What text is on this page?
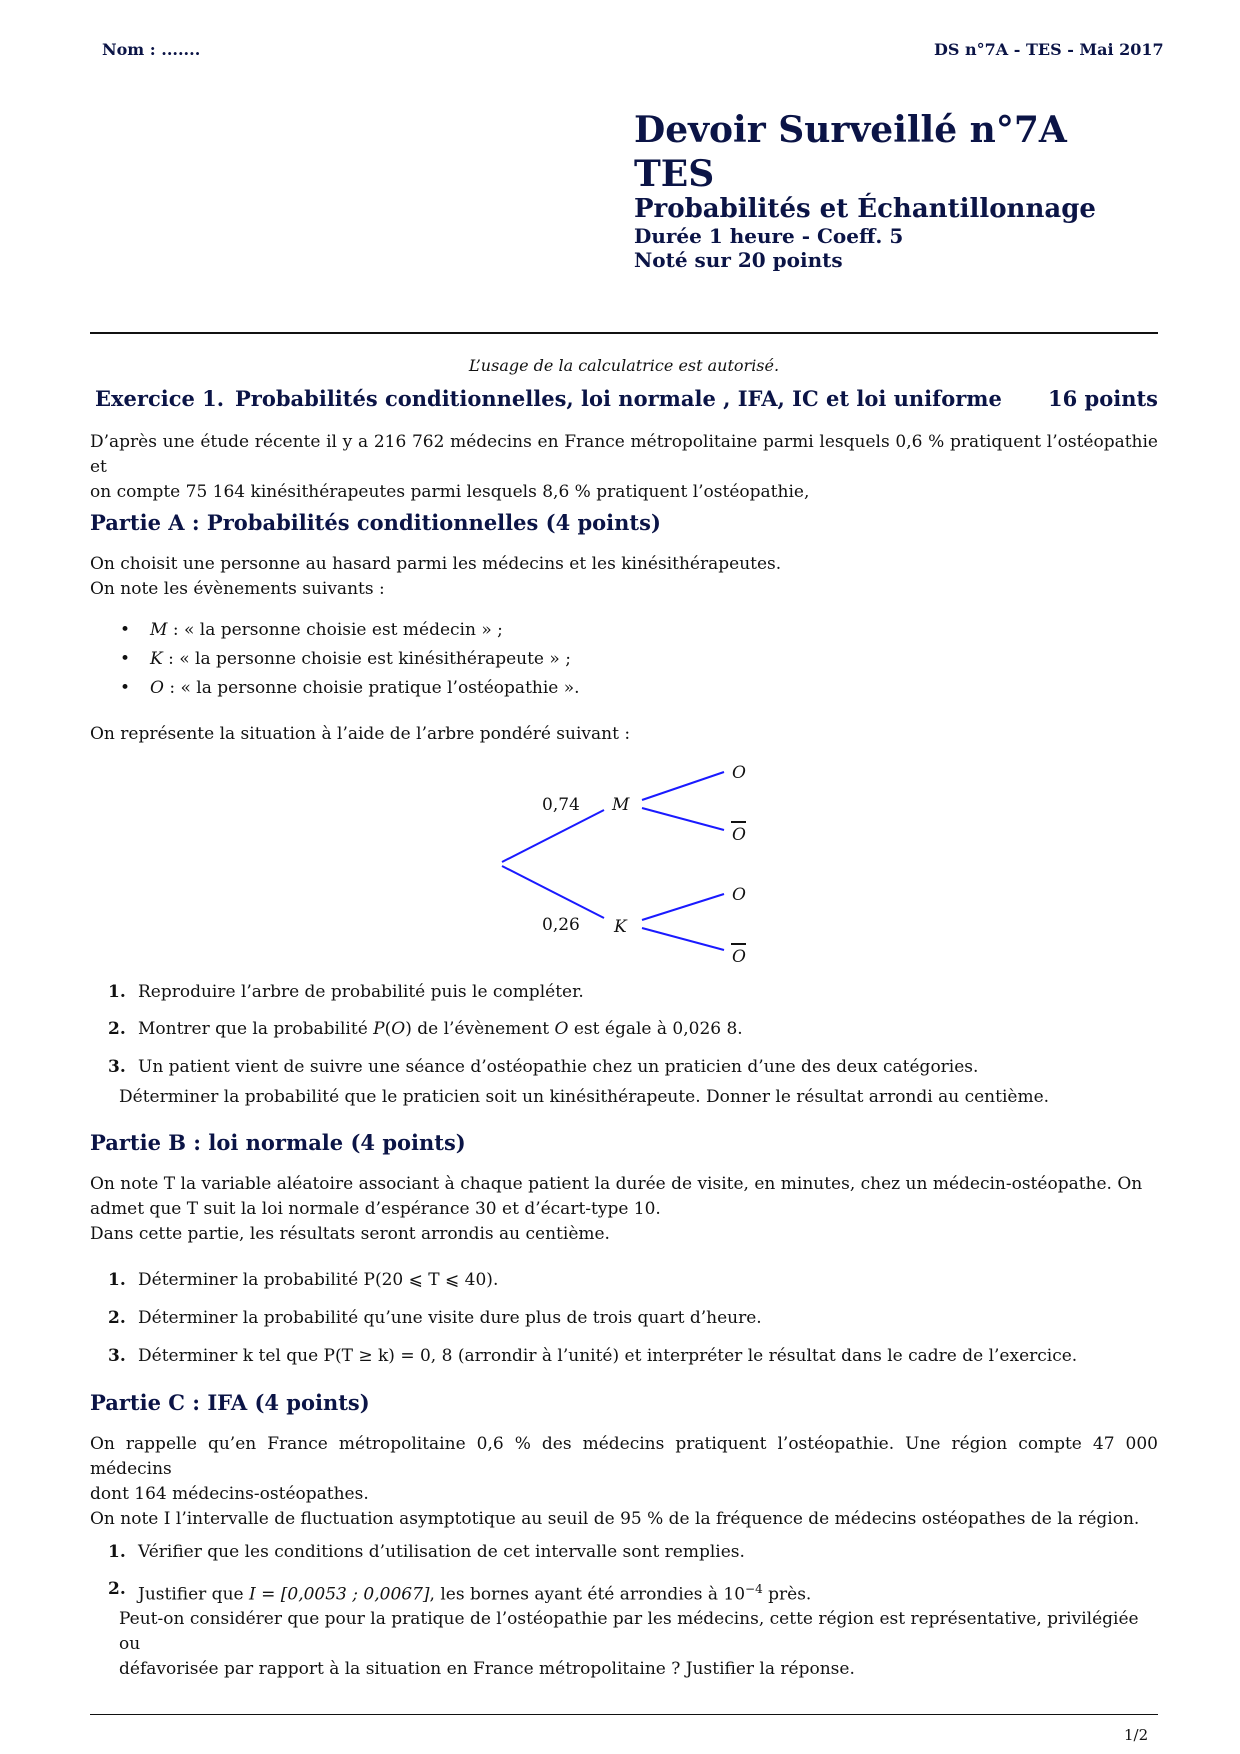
Nom : .......	DS n°7A - TES - Mai 2017
Devoir Surveillé n°7A
TES
Probabilités et Échantillonnage
Durée 1 heure - Coeff. 5
Noté sur 20 points
L’usage de la calculatrice est autorisé.
Exercice 1. Probabilités conditionnelles, loi normale , IFA, IC et loi uniforme	16 points
D’après une étude récente il y a 216 762 médecins en France métropolitaine parmi lesquels 0,6 % pratiquent l’ostéopathie et
on compte 75 164 kinésithérapeutes parmi lesquels 8,6 % pratiquent l’ostéopathie,
Partie A : Probabilités conditionnelles (4 points)
On choisit une personne au hasard parmi les médecins et les kinésithérapeutes.
On note les évènements suivants :
• M : « la personne choisie est médecin » ;
• K : « la personne choisie est kinésithérapeute » ;
• O : « la personne choisie pratique l’ostéopathie ».
On représente la situation à l’aide de l’arbre pondéré suivant :
0,74
0,26
M
K
O
O
O
O
1. Reproduire l’arbre de probabilité puis le compléter.
2. Montrer que la probabilité P(O) de l’évènement O est égale à 0,026 8.
3. Un patient vient de suivre une séance d’ostéopathie chez un praticien d’une des deux catégories.
Déterminer la probabilité que le praticien soit un kinésithérapeute. Donner le résultat arrondi au centième.
Partie B : loi normale (4 points)
On note T la variable aléatoire associant à chaque patient la durée de visite, en minutes, chez un médecin-ostéopathe. On
admet que T suit la loi normale d’espérance 30 et d’écart-type 10.
Dans cette partie, les résultats seront arrondis au centième.
1. Déterminer la probabilité P(20 ⩽ T ⩽ 40).
2. Déterminer la probabilité qu’une visite dure plus de trois quart d’heure.
3. Déterminer k tel que P(T ≥ k) = 0, 8 (arrondir à l’unité) et interpréter le résultat dans le cadre de l’exercice.
Partie C : IFA (4 points)
On rappelle qu’en France métropolitaine 0,6 % des médecins pratiquent l’ostéopathie. Une région compte 47 000 médecins
dont 164 médecins-ostéopathes.
On note I l’intervalle de fluctuation asymptotique au seuil de 95 % de la fréquence de médecins ostéopathes de la région.
1. Vérifier que les conditions d’utilisation de cet intervalle sont remplies.
2. Justifier que I = [0,0053 ; 0,0067], les bornes ayant été arrondies à $10^{-4}$ près.
Peut-on considérer que pour la pratique de l’ostéopathie par les médecins, cette région est représentative, privilégiée ou
défavorisée par rapport à la situation en France métropolitaine ? Justifier la réponse.
1/2
